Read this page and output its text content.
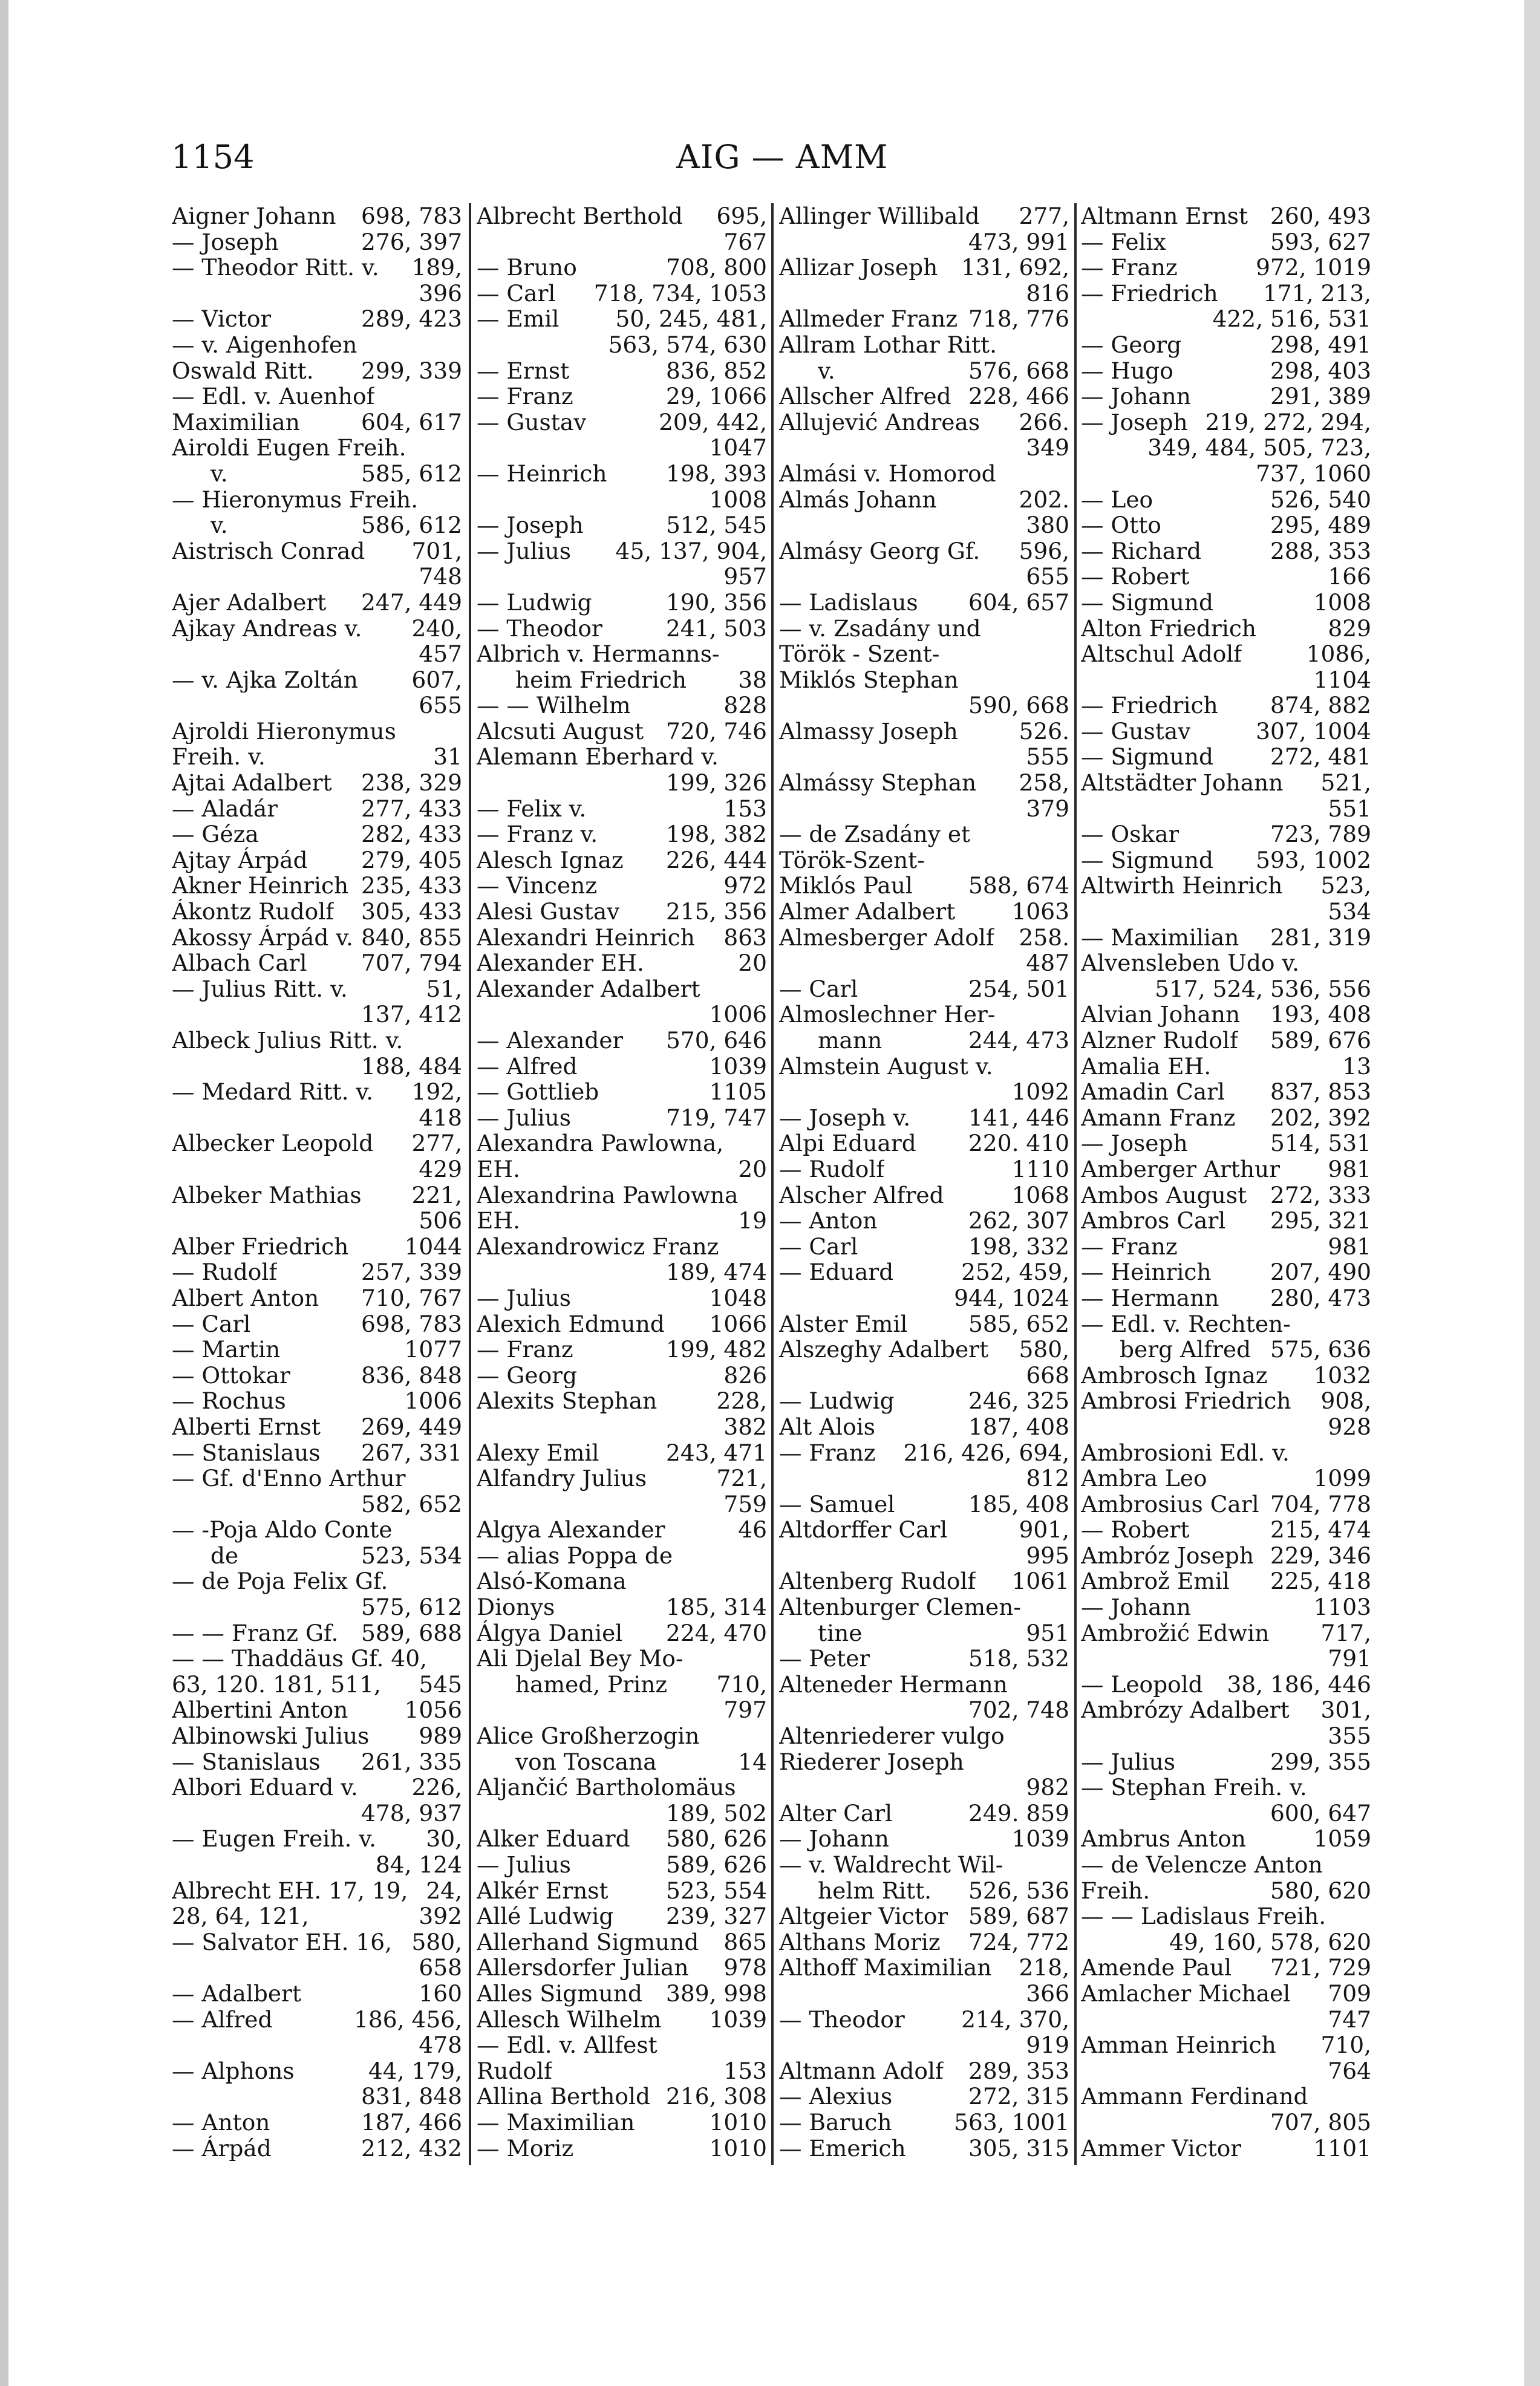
1154	AIG — AMM
Aigner Johann 698, 783
— Joseph	276, 397
— Theodor Ritt. v. 189,
396
— Victor	289, 423
— v. Aigenhofen
Oswald Ritt. 299, 339
— Edl. v. Auenhof
Maximilian	604, 617
Airoldi Eugen Freih.
v.	585, 612
— Hieronymus Freih.
v.	586, 612
Aistrisch Conrad 701,
748
Ajer Adalbert 247, 449
Ajkay Andreas v. 240,
457
— v. Ajka Zoltán 607,
655
Ajroldi Hieronymus
Freih. v.	31
Ajtai Adalbert 238, 329
— Aladár	277, 433
— Géza	282, 433
Ajtay Árpád 279, 405
Akner Heinrich 235, 433
Ákontz Rudolf 305, 433
Akossy Árpád v. 840, 855
Albach Carl 707, 794
— Julius Ritt. v.	51,
137, 412
Albeck Julius Ritt. v.
188, 484
— Medard Ritt. v. 192,
418
Albecker Leopold 277,
429
Albeker Mathias 221,
506
Alber Friedrich 1044
— Rudolf	257, 339
Albert Anton 710, 767
— Carl	698, 783
— Martin	1077
— Ottokar	836, 848
— Rochus	1006
Alberti Ernst 269, 449
— Stanislaus 267, 331
— Gf. d'Enno Arthur
582, 652
— -Poja Aldo Conte
de	523, 534
— de Poja Felix Gf.
575, 612
— — Franz Gf. 589, 688
— — Thaddäus Gf. 40,
63, 120. 181, 511, 545
Albertini Anton 1056
Albinowski Julius 989
— Stanislaus 261, 335
Albori Eduard v. 226,
478, 937
— Eugen Freih. v. 30,
84, 124
Albrecht EH. 17, 19, 24,
28, 64, 121,	392
— Salvator EH. 16, 580,
658
— Adalbert	160
— Alfred	186, 456,
478
— Alphons	44, 179,
831, 848
— Anton	187, 466
— Árpád	212, 432
Albrecht Berthold 695,
767
— Bruno	708, 800
— Carl 718, 734, 1053
— Emil 50, 245, 481,
563, 574, 630
— Ernst	836, 852
— Franz	29, 1066
— Gustav	209, 442,
1047
— Heinrich	198, 393
1008
— Joseph	512, 545
— Julius 45, 137, 904,
957
— Ludwig	190, 356
— Theodor	241, 503
Albrich v. Hermanns-
heim Friedrich 38
— — Wilhelm	828
Alcsuti August 720, 746
Alemann Eberhard v.
199, 326
— Felix v.	153
— Franz v.	198, 382
Alesch Ignaz 226, 444
— Vincenz	972
Alesi Gustav 215, 356
Alexandri Heinrich 863
Alexander EH.	20
Alexander Adalbert
1006
— Alexander 570, 646
— Alfred	1039
— Gottlieb	1105
— Julius	719, 747
Alexandra Pawlowna,
EH.	20
Alexandrina Pawlowna
EH.	19
Alexandrowicz Franz
189, 474
— Julius	1048
Alexich Edmund 1066
— Franz	199, 482
— Georg	826
Alexits Stephan	228,
382
Alexy Emil	243, 471
Alfandry Julius	721,
759
Algya Alexander	46
— alias Poppa de
Alsó-Komana
Dionys	185, 314
Álgya Daniel 224, 470
Ali Djelal Bey Mo-
hamed, Prinz 710,
797
Alice Großherzogin
von Toscana	14
Aljančić Bartholomäus
189, 502
Alker Eduard 580, 626
— Julius	589, 626
Alkér Ernst	523, 554
Allé Ludwig 239, 327
Allerhand Sigmund 865
Allersdorfer Julian 978
Alles Sigmund 389, 998
Allesch Wilhelm 1039
— Edl. v. Allfest
Rudolf	153
Allina Berthold 216, 308
— Maximilian	1010
— Moriz	1010
Allinger Willibald 277,
473, 991
Allizar Joseph 131, 692,
816
Allmeder Franz 718, 776
Allram Lothar Ritt.
v.	576, 668
Allscher Alfred 228, 466
Allujević Andreas 266.
349
Almási v. Homorod
Almás Johann	202.
380
Almásy Georg Gf. 596,
655
— Ladislaus 604, 657
— v. Zsadány und
Török - Szent-
Miklós Stephan
590, 668
Almassy Joseph	526.
555
Almássy Stephan 258,
379
— de Zsadány et
Török-Szent-
Miklós Paul 588, 674
Almer Adalbert 1063
Almesberger Adolf 258.
487
— Carl	254, 501
Almoslechner Her-
mann	244, 473
Almstein August v.
1092
— Joseph v.	141, 446
Alpi Eduard 220. 410
— Rudolf	1110
Alscher Alfred	1068
— Anton	262, 307
— Carl	198, 332
— Eduard	252, 459,
944, 1024
Alster Emil	585, 652
Alszeghy Adalbert 580,
668
— Ludwig	246, 325
Alt Alois	187, 408
— Franz 216, 426, 694,
812
— Samuel	185, 408
Altdorffer Carl	901,
995
Altenberg Rudolf 1061
Altenburger Clemen-
tine	951
— Peter	518, 532
Alteneder Hermann
702, 748
Altenriederer vulgo
Riederer Joseph
982
Alter Carl	249. 859
— Johann	1039
— v. Waldrecht Wil-
helm Ritt. 526, 536
Altgeier Victor 589, 687
Althans Moriz 724, 772
Althoff Maximilian 218,
366
— Theodor 214, 370,
919
Altmann Adolf 289, 353
— Alexius	272, 315
— Baruch	563, 1001
— Emerich	305, 315
Altmann Ernst 260, 493
— Felix	593, 627
— Franz	972, 1019
— Friedrich 171, 213,
422, 516, 531
— Georg	298, 491
— Hugo	298, 403
— Johann	291, 389
— Joseph 219, 272, 294,
349, 484, 505, 723,
737, 1060
— Leo	526, 540
— Otto	295, 489
— Richard	288, 353
— Robert	166
— Sigmund	1008
Alton Friedrich	829
Altschul Adolf	1086,
1104
— Friedrich 874, 882
— Gustav	307, 1004
— Sigmund	272, 481
Altstädter Johann 521,
551
— Oskar	723, 789
— Sigmund 593, 1002
Altwirth Heinrich 523,
534
— Maximilian 281, 319
Alvensleben Udo v.
517, 524, 536, 556
Alvian Johann 193, 408
Alzner Rudolf 589, 676
Amalia EH.	13
Amadin Carl 837, 853
Amann Franz 202, 392
— Joseph	514, 531
Amberger Arthur 981
Ambos August 272, 333
Ambros Carl 295, 321
— Franz	981
— Heinrich	207, 490
— Hermann 280, 473
— Edl. v. Rechten-
berg Alfred 575, 636
Ambrosch Ignaz 1032
Ambrosi Friedrich 908,
928
Ambrosioni Edl. v.
Ambra Leo	1099
Ambrosius Carl 704, 778
— Robert	215, 474
Ambróz Joseph 229, 346
Ambrož Emil 225, 418
— Johann	1103
Ambrožić Edwin 717,
791
— Leopold 38, 186, 446
Ambrózy Adalbert 301,
355
— Julius	299, 355
— Stephan Freih. v.
600, 647
Ambrus Anton	1059
— de Velencze Anton
Freih.	580, 620
— — Ladislaus Freih.
49, 160, 578, 620
Amende Paul 721, 729
Amlacher Michael 709
747
Amman Heinrich 710,
764
Ammann Ferdinand
707, 805
Ammer Victor	1101
